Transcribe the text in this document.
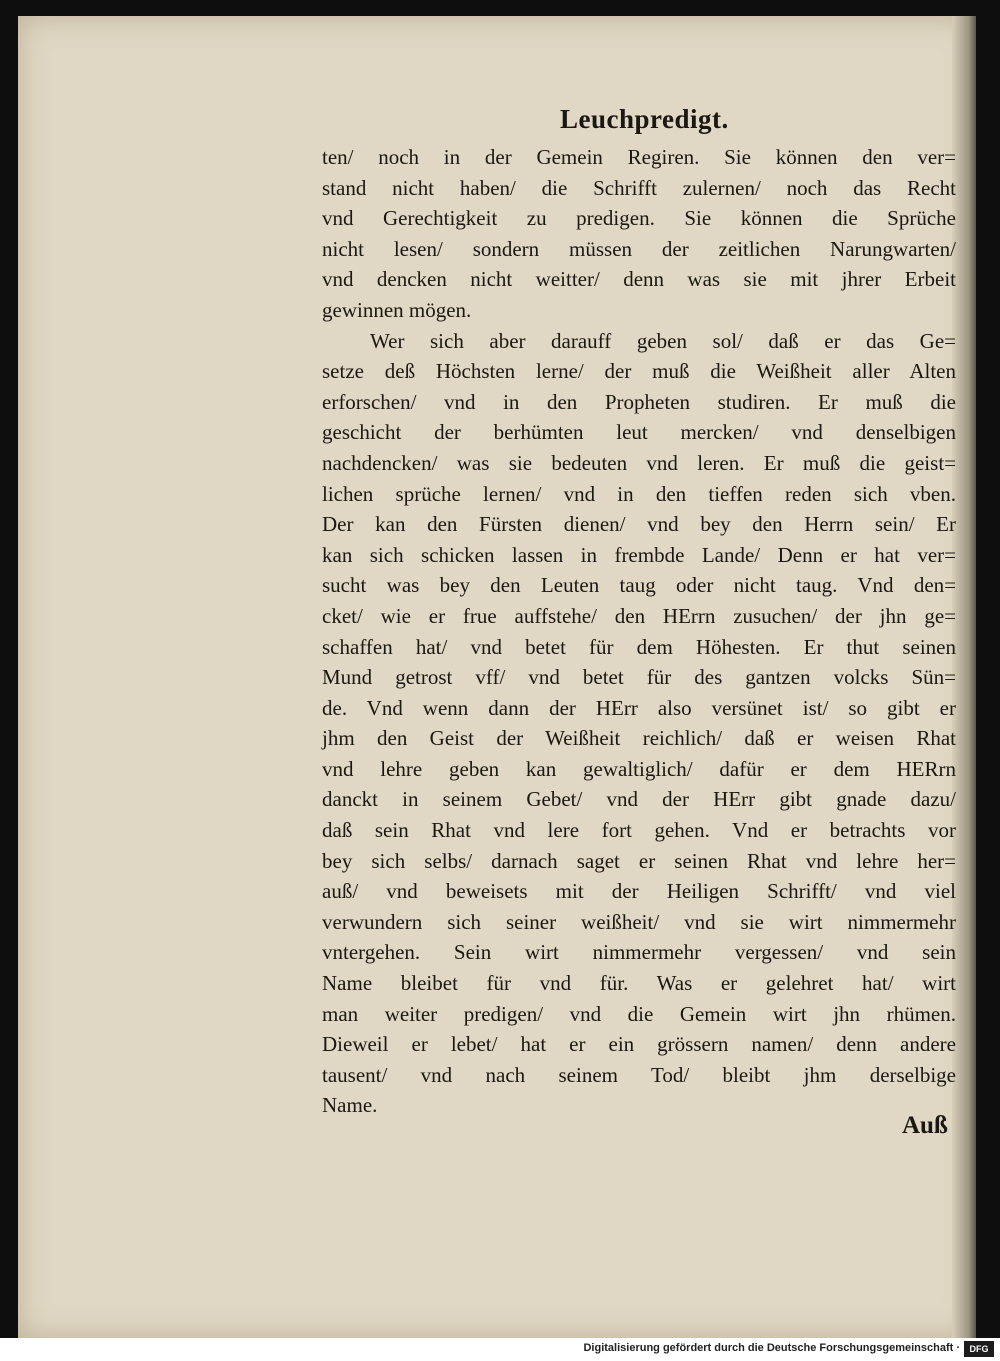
Leuchpredigt.
ten/ noch in der Gemein Regiren. Sie können den ver=
stand nicht haben/ die Schrifft zulernen/ noch das Recht
vnd Gerechtigkeit zu predigen. Sie können die Sprüche
nicht lesen/ sondern müssen der zeitlichen Narungwarten/
vnd dencken nicht weitter/ denn was sie mit jhrer Erbeit
gewinnen mögen.
Wer sich aber darauff geben sol/ daß er das Ge=
setze deß Höchsten lerne/ der muß die Weißheit aller Alten
erforschen/ vnd in den Propheten studiren. Er muß die
geschicht der berhümten leut mercken/ vnd denselbigen
nachdencken/ was sie bedeuten vnd leren. Er muß die geist=
lichen sprüche lernen/ vnd in den tieffen reden sich vben.
Der kan den Fürsten dienen/ vnd bey den Herrn sein/ Er
kan sich schicken lassen in frembde Lande/ Denn er hat ver=
sucht was bey den Leuten taug oder nicht taug. Vnd den=
cket/ wie er frue auffstehe/ den HErrn zusuchen/ der jhn ge=
schaffen hat/ vnd betet für dem Höhesten. Er thut seinen
Mund getrost vff/ vnd betet für des gantzen volcks Sün=
de. Vnd wenn dann der HErr also versünet ist/ so gibt er
jhm den Geist der Weißheit reichlich/ daß er weisen Rhat
vnd lehre geben kan gewaltiglich/ dafür er dem HERrn
danckt in seinem Gebet/ vnd der HErr gibt gnade dazu/
daß sein Rhat vnd lere fort gehen. Vnd er betrachts vor
bey sich selbs/ darnach saget er seinen Rhat vnd lehre her=
auß/ vnd beweisets mit der Heiligen Schrifft/ vnd viel
verwundern sich seiner weißheit/ vnd sie wirt nimmermehr
vntergehen. Sein wirt nimmermehr vergessen/ vnd sein
Name bleibet für vnd für. Was er gelehret hat/ wirt
man weiter predigen/ vnd die Gemein wirt jhn rhümen.
Dieweil er lebet/ hat er ein grössern namen/ denn andere
tausent/ vnd nach seinem Tod/ bleibt jhm derselbige
Name.
Auß
Digitalisierung gefördert durch die Deutsche Forschungsgemeinschaft ·	DFG
